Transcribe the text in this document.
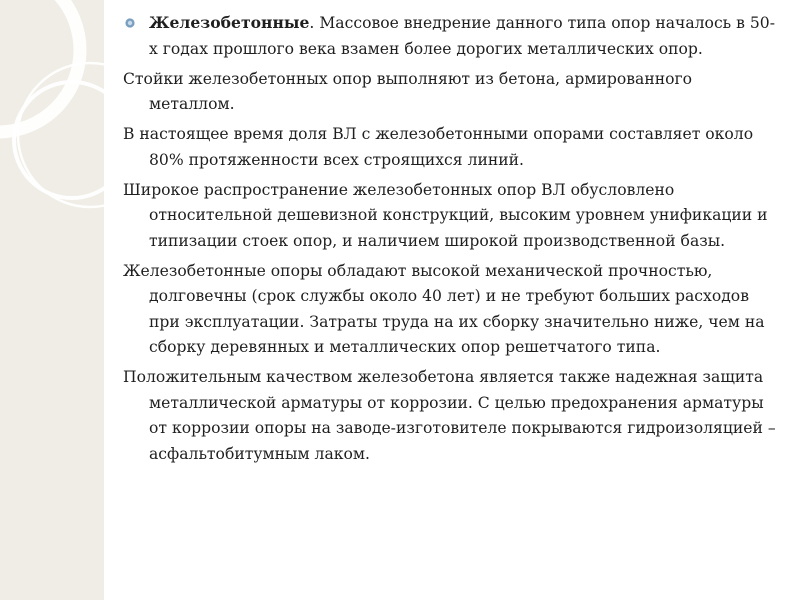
Железобетонные. Массовое внедрение данного типа опор началось в 50-х годах прошлого века взамен более дорогих металлических опор.

Стойки железобетонных опор выполняют из бетона, армированного металлом.

В настоящее время доля ВЛ с железобетонными опорами составляет около 80% протяженности всех строящихся линий.

Широкое распространение железобетонных опор ВЛ обусловлено относительной дешевизной конструкций, высоким уровнем унификации и типизации стоек опор, и наличием широкой производственной базы.

Железобетонные опоры обладают высокой механической прочностью, долговечны (срок службы около 40 лет) и не требуют больших расходов при эксплуатации. Затраты труда на их сборку значительно ниже, чем на сборку деревянных и металлических опор решетчатого типа.

Положительным качеством железобетона является также надежная защита металлической арматуры от коррозии. С целью предохранения арматуры от коррозии опоры на заводе-изготовителе покрываются гидроизоляцией – асфальтобитумным лаком.
